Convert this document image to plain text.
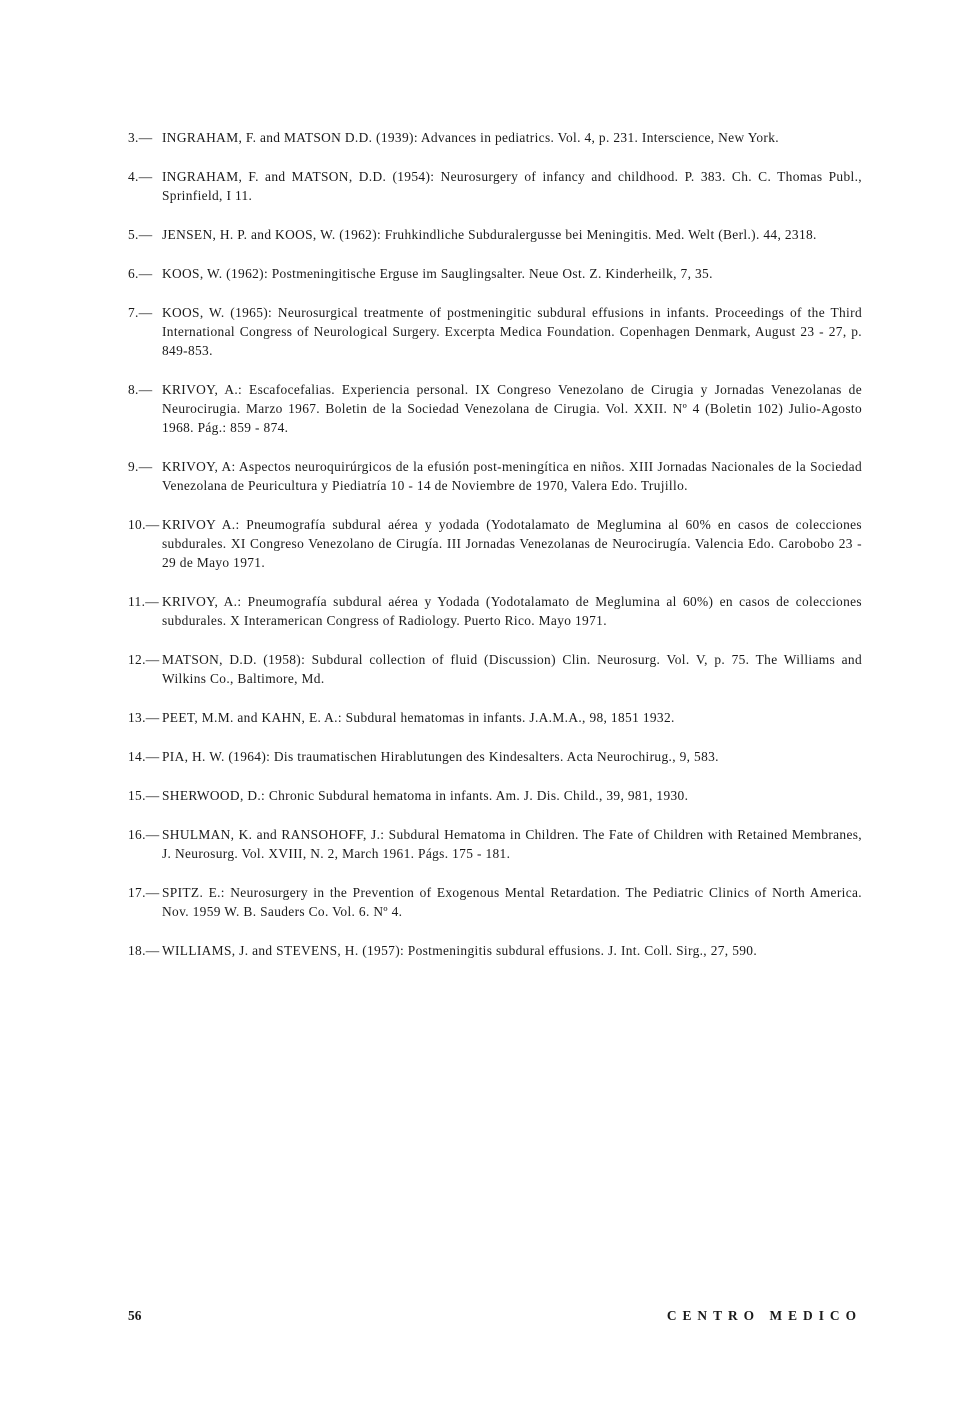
3.— INGRAHAM, F. and MATSON D.D. (1939): Advances in pediatrics. Vol. 4, p. 231. Interscience, New York.
4.— INGRAHAM, F. and MATSON, D.D. (1954): Neurosurgery of infancy and childhood. P. 383. Ch. C. Thomas Publ., Sprinfield, I 11.
5.— JENSEN, H. P. and KOOS, W. (1962): Fruhkindliche Subduralergusse bei Meningitis. Med. Welt (Berl.). 44, 2318.
6.— KOOS, W. (1962): Postmeningitische Erguse im Sauglingsalter. Neue Ost. Z. Kinderheilk, 7, 35.
7.— KOOS, W. (1965): Neurosurgical treatmente of postmeningitic subdural effusions in infants. Proceedings of the Third International Congress of Neurological Surgery. Excerpta Medica Foundation. Copenhagen Denmark, August 23 - 27, p. 849-853.
8.— KRIVOY, A.: Escafocefalias. Experiencia personal. IX Congreso Venezolano de Cirugia y Jornadas Venezolanas de Neurocirugia. Marzo 1967. Boletin de la Sociedad Venezolana de Cirugia. Vol. XXII. Nº 4 (Boletin 102) Julio-Agosto 1968. Pág.: 859 - 874.
9.— KRIVOY, A: Aspectos neuroquirúrgicos de la efusión post-meningítica en niños. XIII Jornadas Nacionales de la Sociedad Venezolana de Peuricultura y Piediatría 10 - 14 de Noviembre de 1970, Valera Edo. Trujillo.
10.— KRIVOY A.: Pneumografía subdural aérea y yodada (Yodotalamato de Meglumina al 60% en casos de colecciones subdurales. XI Congreso Venezolano de Cirugía. III Jornadas Venezolanas de Neurocirugía. Valencia Edo. Carobobo 23 - 29 de Mayo 1971.
11.— KRIVOY, A.: Pneumografía subdural aérea y Yodada (Yodotalamato de Meglumina al 60%) en casos de colecciones subdurales. X Interamerican Congress of Radiology. Puerto Rico. Mayo 1971.
12.— MATSON, D.D. (1958): Subdural collection of fluid (Discussion) Clin. Neurosurg. Vol. V, p. 75. The Williams and Wilkins Co., Baltimore, Md.
13.— PEET, M.M. and KAHN, E. A.: Subdural hematomas in infants. J.A.M.A., 98, 1851 1932.
14.— PIA, H. W. (1964): Dis traumatischen Hirablutungen des Kindesalters. Acta Neurochirug., 9, 583.
15.— SHERWOOD, D.: Chronic Subdural hematoma in infants. Am. J. Dis. Child., 39, 981, 1930.
16.— SHULMAN, K. and RANSOHOFF, J.: Subdural Hematoma in Children. The Fate of Children with Retained Membranes, J. Neurosurg. Vol. XVIII, N. 2, March 1961. Págs. 175 - 181.
17.— SPITZ. E.: Neurosurgery in the Prevention of Exogenous Mental Retardation. The Pediatric Clinics of North America. Nov. 1959 W. B. Sauders Co. Vol. 6. Nº 4.
18.— WILLIAMS, J. and STEVENS, H. (1957): Postmeningitis subdural effusions. J. Int. Coll. Sirg., 27, 590.
56	CENTRO MEDICO
